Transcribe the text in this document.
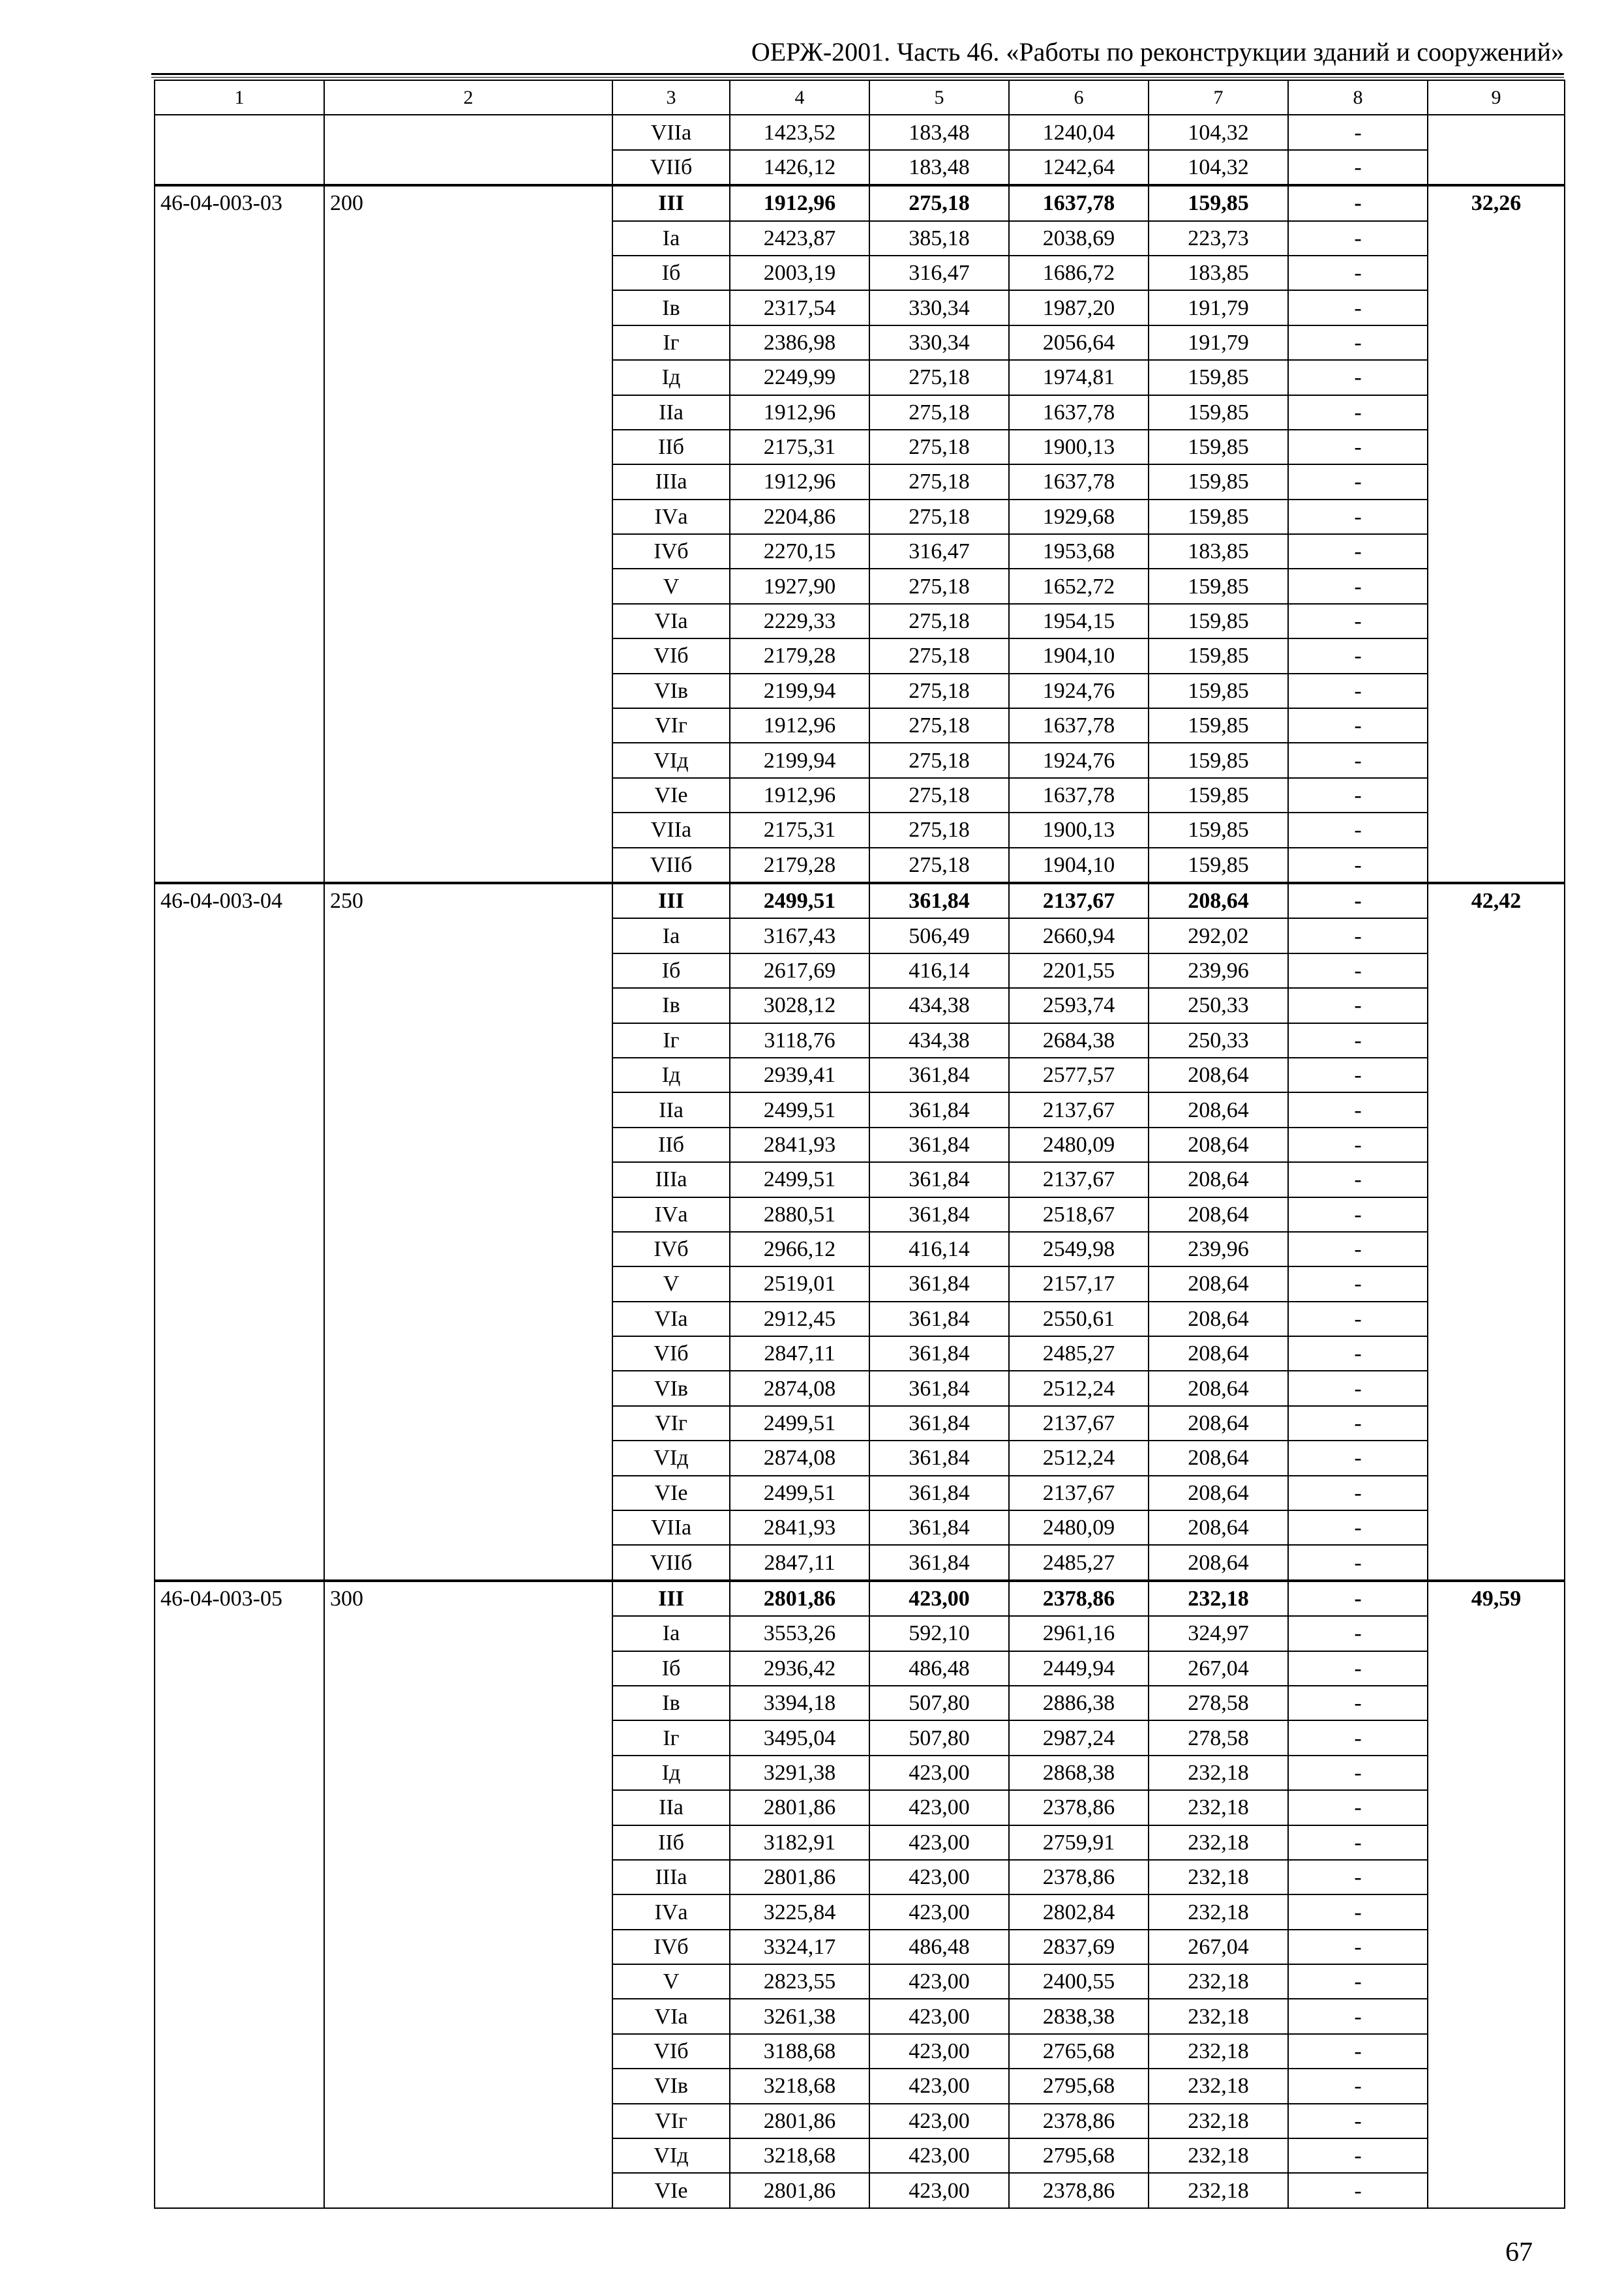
ОЕРЖ-2001. Часть 46. «Работы по реконструкции зданий и сооружений»
1	2	3	4	5	6	7	8	9
		VIIа	1423,52	183,48	1240,04	104,32	-	
		VIIб	1426,12	183,48	1242,64	104,32	-	
46-04-003-03	200	III	1912,96	275,18	1637,78	159,85	-	32,26
		Iа	2423,87	385,18	2038,69	223,73	-	
		Iб	2003,19	316,47	1686,72	183,85	-	
		Iв	2317,54	330,34	1987,20	191,79	-	
		Iг	2386,98	330,34	2056,64	191,79	-	
		Iд	2249,99	275,18	1974,81	159,85	-	
		IIа	1912,96	275,18	1637,78	159,85	-	
		IIб	2175,31	275,18	1900,13	159,85	-	
		IIIа	1912,96	275,18	1637,78	159,85	-	
		IVа	2204,86	275,18	1929,68	159,85	-	
		IVб	2270,15	316,47	1953,68	183,85	-	
		V	1927,90	275,18	1652,72	159,85	-	
		VIа	2229,33	275,18	1954,15	159,85	-	
		VIб	2179,28	275,18	1904,10	159,85	-	
		VIв	2199,94	275,18	1924,76	159,85	-	
		VIг	1912,96	275,18	1637,78	159,85	-	
		VIд	2199,94	275,18	1924,76	159,85	-	
		VIе	1912,96	275,18	1637,78	159,85	-	
		VIIа	2175,31	275,18	1900,13	159,85	-	
		VIIб	2179,28	275,18	1904,10	159,85	-	
46-04-003-04	250	III	2499,51	361,84	2137,67	208,64	-	42,42
		Iа	3167,43	506,49	2660,94	292,02	-	
		Iб	2617,69	416,14	2201,55	239,96	-	
		Iв	3028,12	434,38	2593,74	250,33	-	
		Iг	3118,76	434,38	2684,38	250,33	-	
		Iд	2939,41	361,84	2577,57	208,64	-	
		IIа	2499,51	361,84	2137,67	208,64	-	
		IIб	2841,93	361,84	2480,09	208,64	-	
		IIIа	2499,51	361,84	2137,67	208,64	-	
		IVа	2880,51	361,84	2518,67	208,64	-	
		IVб	2966,12	416,14	2549,98	239,96	-	
		V	2519,01	361,84	2157,17	208,64	-	
		VIа	2912,45	361,84	2550,61	208,64	-	
		VIб	2847,11	361,84	2485,27	208,64	-	
		VIв	2874,08	361,84	2512,24	208,64	-	
		VIг	2499,51	361,84	2137,67	208,64	-	
		VIд	2874,08	361,84	2512,24	208,64	-	
		VIе	2499,51	361,84	2137,67	208,64	-	
		VIIа	2841,93	361,84	2480,09	208,64	-	
		VIIб	2847,11	361,84	2485,27	208,64	-	
46-04-003-05	300	III	2801,86	423,00	2378,86	232,18	-	49,59
		Iа	3553,26	592,10	2961,16	324,97	-	
		Iб	2936,42	486,48	2449,94	267,04	-	
		Iв	3394,18	507,80	2886,38	278,58	-	
		Iг	3495,04	507,80	2987,24	278,58	-	
		Iд	3291,38	423,00	2868,38	232,18	-	
		IIа	2801,86	423,00	2378,86	232,18	-	
		IIб	3182,91	423,00	2759,91	232,18	-	
		IIIа	2801,86	423,00	2378,86	232,18	-	
		IVа	3225,84	423,00	2802,84	232,18	-	
		IVб	3324,17	486,48	2837,69	267,04	-	
		V	2823,55	423,00	2400,55	232,18	-	
		VIа	3261,38	423,00	2838,38	232,18	-	
		VIб	3188,68	423,00	2765,68	232,18	-	
		VIв	3218,68	423,00	2795,68	232,18	-	
		VIг	2801,86	423,00	2378,86	232,18	-	
		VIд	3218,68	423,00	2795,68	232,18	-	
		VIе	2801,86	423,00	2378,86	232,18	-	
67
